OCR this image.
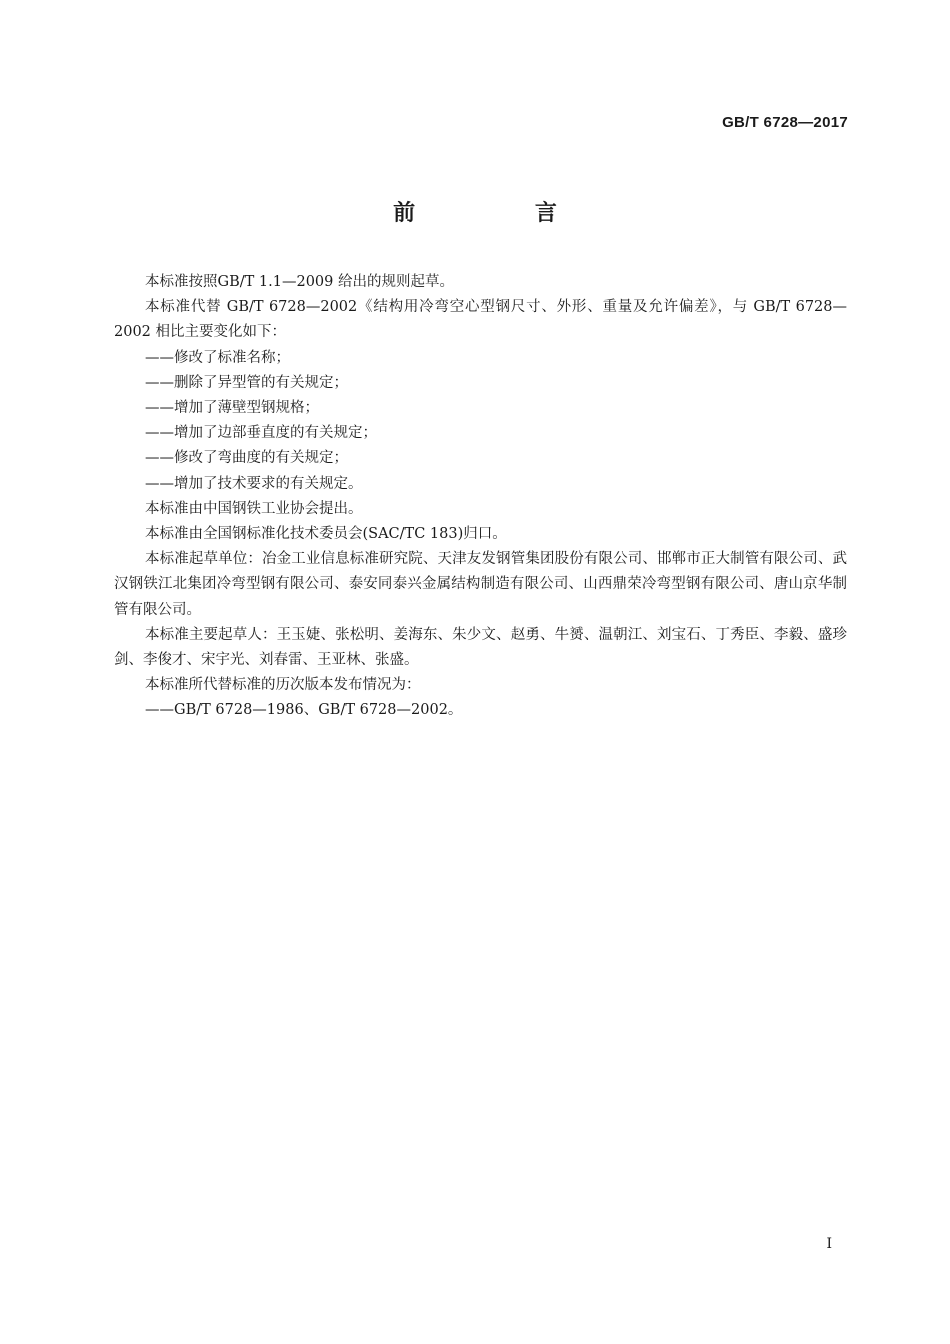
GB/T 6728—2017
前 言

本标准按照GB/T 1.1—2009 给出的规则起草。

本标准代替 GB/T 6728—2002《结构用冷弯空心型钢尺寸、外形、重量及允许偏差》，与 GB/T 6728—2002 相比主要变化如下：

——修改了标准名称；

——删除了异型管的有关规定；

——增加了薄壁型钢规格；

——增加了边部垂直度的有关规定；

——修改了弯曲度的有关规定；

——增加了技术要求的有关规定。

本标准由中国钢铁工业协会提出。

本标准由全国钢标准化技术委员会(SAC/TC 183)归口。

本标准起草单位：冶金工业信息标准研究院、天津友发钢管集团股份有限公司、邯郸市正大制管有限公司、武汉钢铁江北集团冷弯型钢有限公司、泰安同泰兴金属结构制造有限公司、山西鼎荣冷弯型钢有限公司、唐山京华制管有限公司。

本标准主要起草人：王玉婕、张松明、姜海东、朱少文、赵勇、牛赟、温朝江、刘宝石、丁秀臣、李毅、盛珍剑、李俊才、宋宇光、刘春雷、王亚林、张盛。

本标准所代替标准的历次版本发布情况为：

——GB/T 6728—1986、GB/T 6728—2002。

I
